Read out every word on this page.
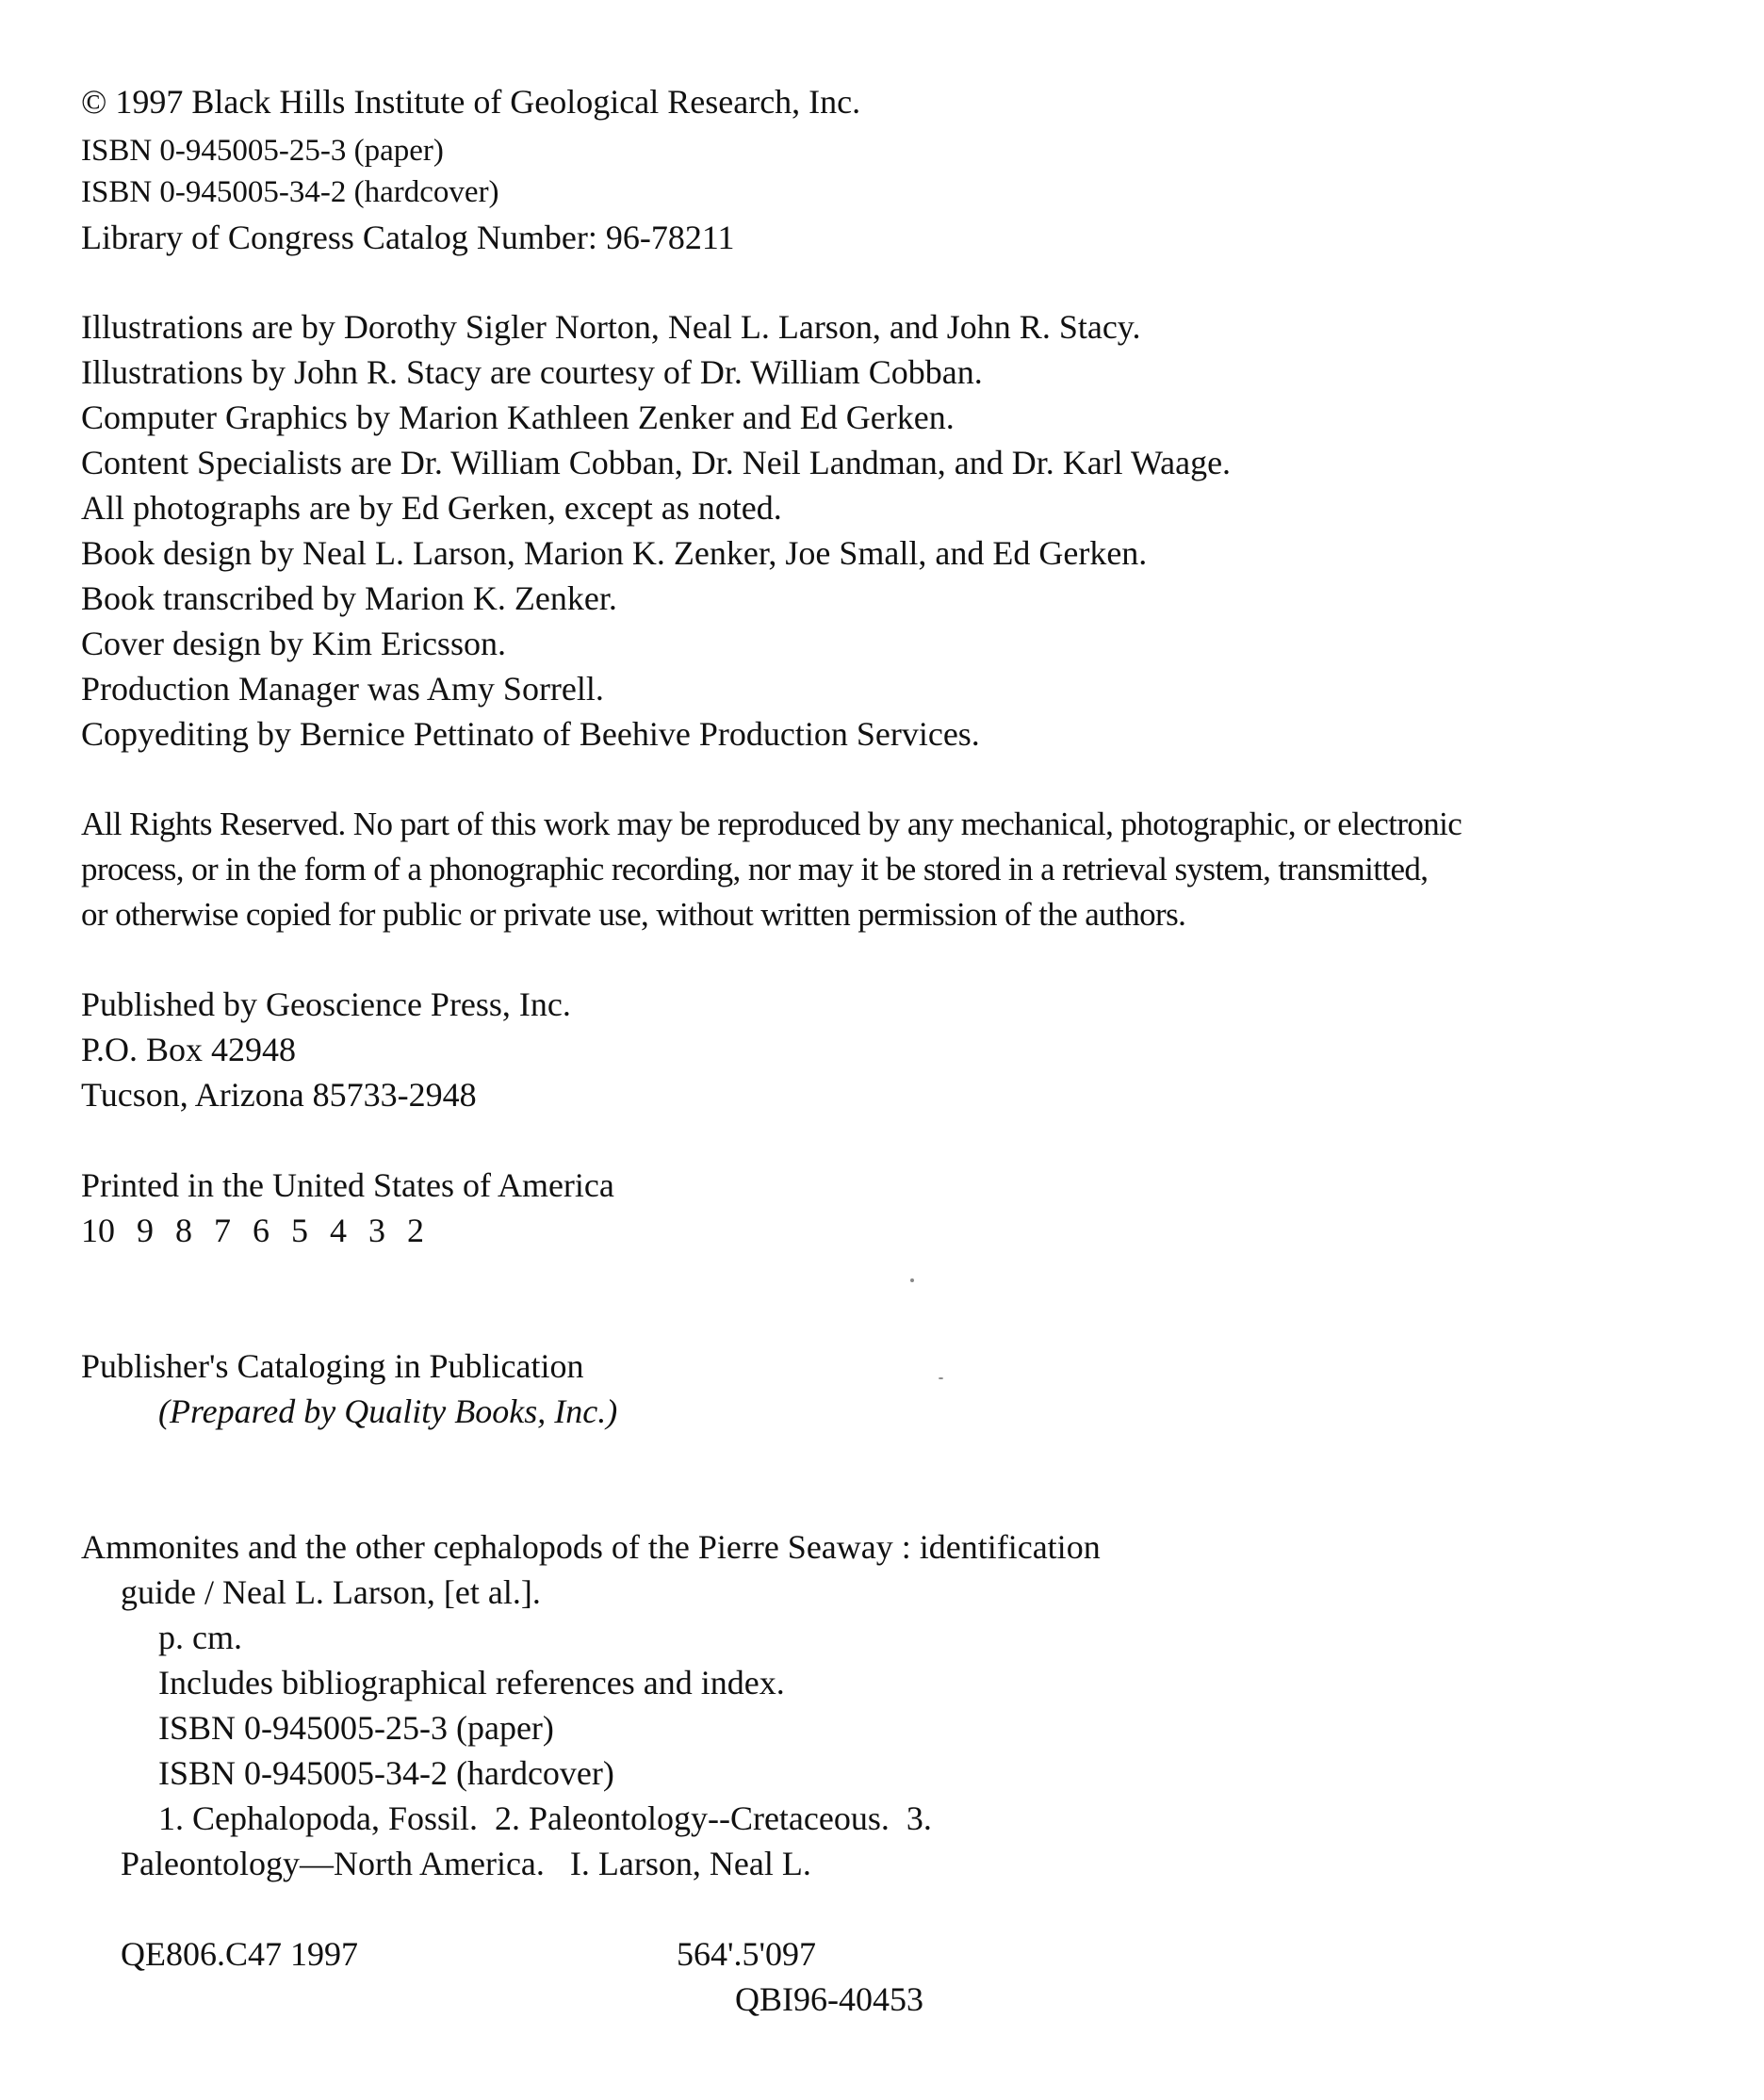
© 1997 Black Hills Institute of Geological Research, Inc.
ISBN 0-945005-25-3 (paper)
ISBN 0-945005-34-2 (hardcover)
Library of Congress Catalog Number: 96-78211
Illustrations are by Dorothy Sigler Norton, Neal L. Larson, and John R. Stacy.
Illustrations by John R. Stacy are courtesy of Dr. William Cobban.
Computer Graphics by Marion Kathleen Zenker and Ed Gerken.
Content Specialists are Dr. William Cobban, Dr. Neil Landman, and Dr. Karl Waage.
All photographs are by Ed Gerken, except as noted.
Book design by Neal L. Larson, Marion K. Zenker, Joe Small, and Ed Gerken.
Book transcribed by Marion K. Zenker.
Cover design by Kim Ericsson.
Production Manager was Amy Sorrell.
Copyediting by Bernice Pettinato of Beehive Production Services.
All Rights Reserved. No part of this work may be reproduced by any mechanical, photographic, or electronic
process, or in the form of a phonographic recording, nor may it be stored in a retrieval system, transmitted,
or otherwise copied for public or private use, without written permission of the authors.
Published by Geoscience Press, Inc.
P.O. Box 42948
Tucson, Arizona 85733-2948
Printed in the United States of America
10 9 8 7 6 5 4 3 2
Publisher's Cataloging in Publication
(Prepared by Quality Books, Inc.)
Ammonites and the other cephalopods of the Pierre Seaway : identification
guide / Neal L. Larson, [et al.].
p. cm.
Includes bibliographical references and index.
ISBN 0-945005-25-3 (paper)
ISBN 0-945005-34-2 (hardcover)
1. Cephalopoda, Fossil.  2. Paleontology--Cretaceous.  3.
Paleontology—North America.   I. Larson, Neal L.
QE806.C47 1997	564'.5'097
QBI96-40453
